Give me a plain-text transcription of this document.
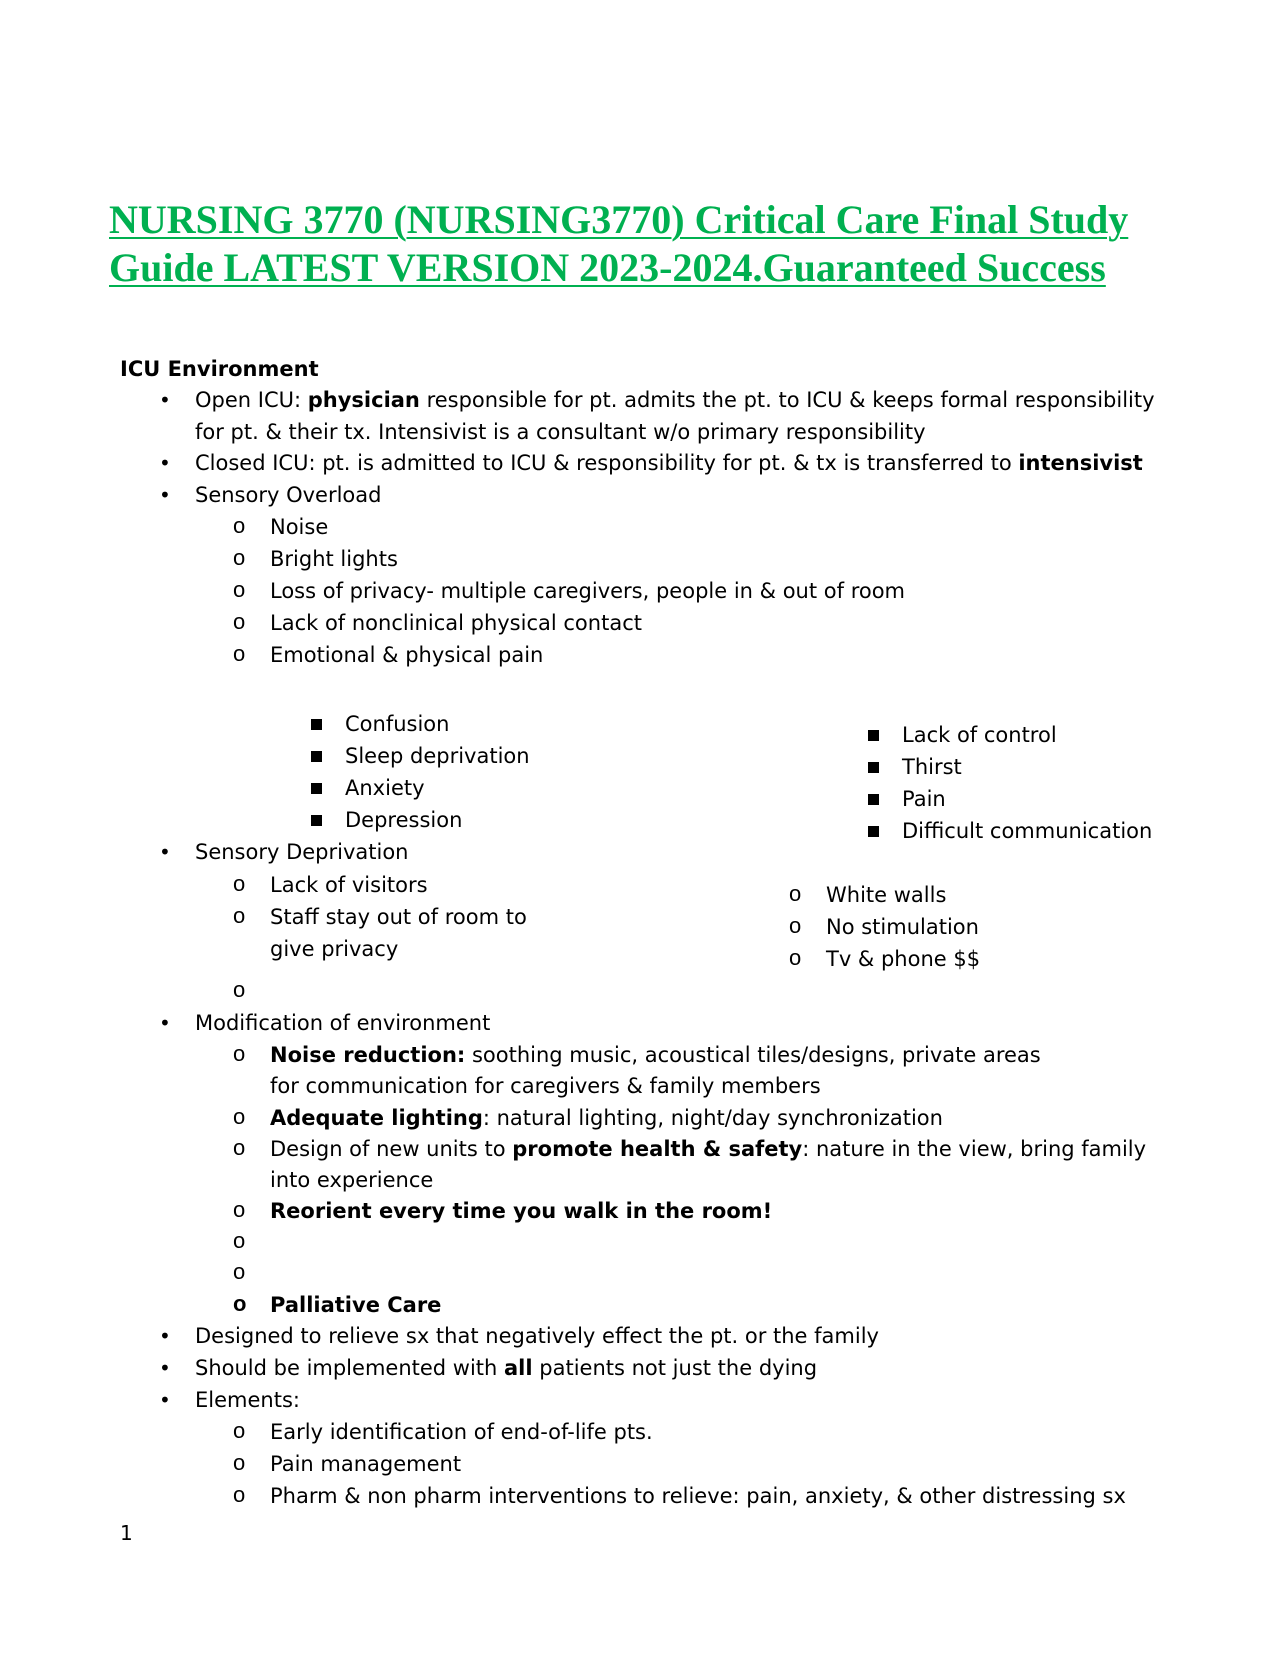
NURSING 3770 (NURSING3770) Critical Care Final Study
Guide LATEST VERSION 2023-2024.Guaranteed Success
ICU Environment
• Open ICU: physician responsible for pt. admits the pt. to ICU & keeps formal responsibility
for pt. & their tx. Intensivist is a consultant w/o primary responsibility
• Closed ICU: pt. is admitted to ICU & responsibility for pt. & tx is transferred to intensivist
• Sensory Overload
o Noise
o Bright lights
o Loss of privacy- multiple caregivers, people in & out of room
o Lack of nonclinical physical contact
o Emotional & physical pain
Confusion
Sleep deprivation
Anxiety
Depression
Lack of control
Thirst
Pain
Difficult communication
• Sensory Deprivation
o Lack of visitors
o Staff stay out of room to
give privacy
o
o White walls
o No stimulation
o Tv & phone $$
• Modification of environment
o Noise reduction: soothing music, acoustical tiles/designs, private areas
for communication for caregivers & family members
o Adequate lighting: natural lighting, night/day synchronization
o Design of new units to promote health & safety: nature in the view, bring family
into experience
o Reorient every time you walk in the room!
o
o
o Palliative Care
• Designed to relieve sx that negatively effect the pt. or the family
• Should be implemented with all patients not just the dying
• Elements:
o Early identification of end-of-life pts.
o Pain management
o Pharm & non pharm interventions to relieve: pain, anxiety, & other distressing sx
1
